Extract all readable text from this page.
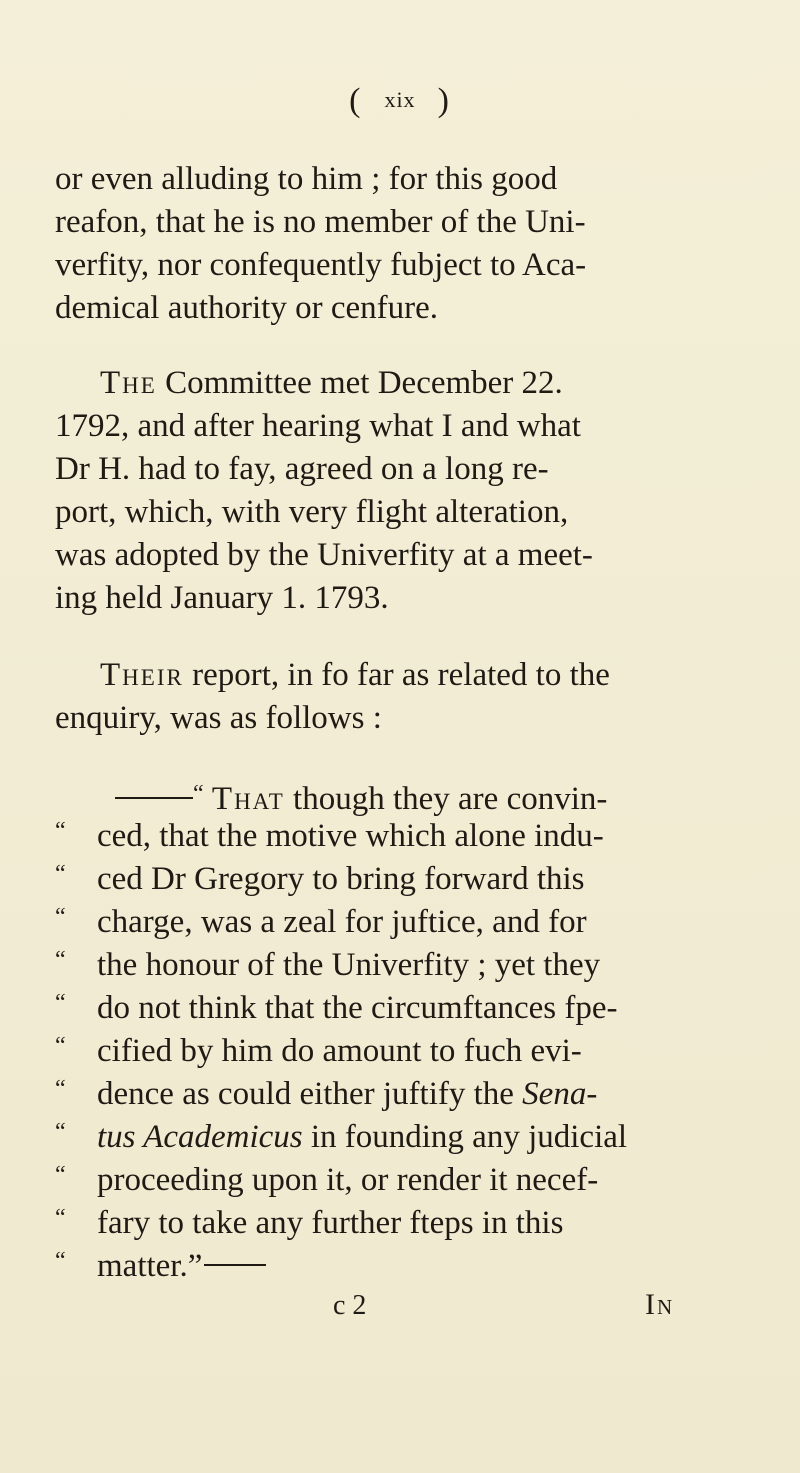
( xix )
or even alluding to him ; for this good
reafon, that he is no member of the Uni-
verfity, nor confequently fubject to Aca-
demical authority or cenfure.
The Committee met December 22.
1792, and after hearing what I and what
Dr H. had to fay, agreed on a long re-
port, which, with very flight alteration,
was adopted by the Univerfity at a meet-
ing held January 1. 1793.
Their report, in fo far as related to the
enquiry, was as follows :
“ That though they are convin-
“ ced, that the motive which alone indu-
“ ced Dr Gregory to bring forward this
“ charge, was a zeal for juftice, and for
“ the honour of the Univerfity ; yet they
“ do not think that the circumftances fpe-
“ cified by him do amount to fuch evi-
“ dence as could either juftify the Sena-
“ tus Academicus in founding any judicial
“ proceeding upon it, or render it necef-
“ fary to take any further fteps in this
“ matter.”
c 2	In
